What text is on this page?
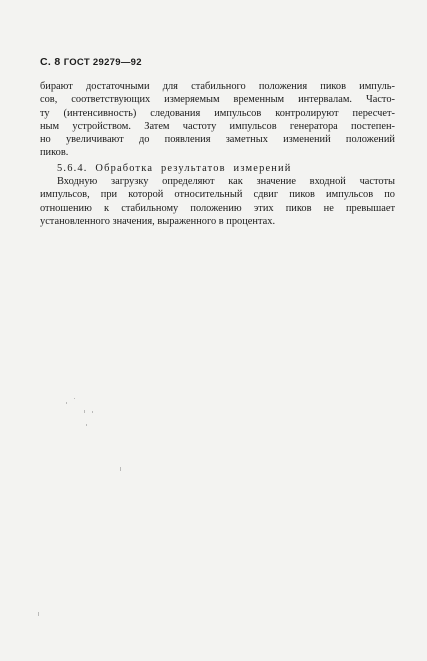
С. 8 ГОСТ 29279—92
бирают достаточными для стабильного положения пиков импуль-
сов, соответствующих измеряемым временным интервалам. Часто-
ту (интенсивность) следования импульсов контролируют пересчет-
ным устройством. Затем частоту импульсов генератора постепен-
но увеличивают до появления заметных изменений положений
пиков.
5.6.4. Обработка результатов измерений
Входную загрузку определяют как значение входной частоты
импульсов, при которой относительный сдвиг пиков импульсов по
отношению к стабильному положению этих пиков не превышает
установленного значения, выраженного в процентах.
